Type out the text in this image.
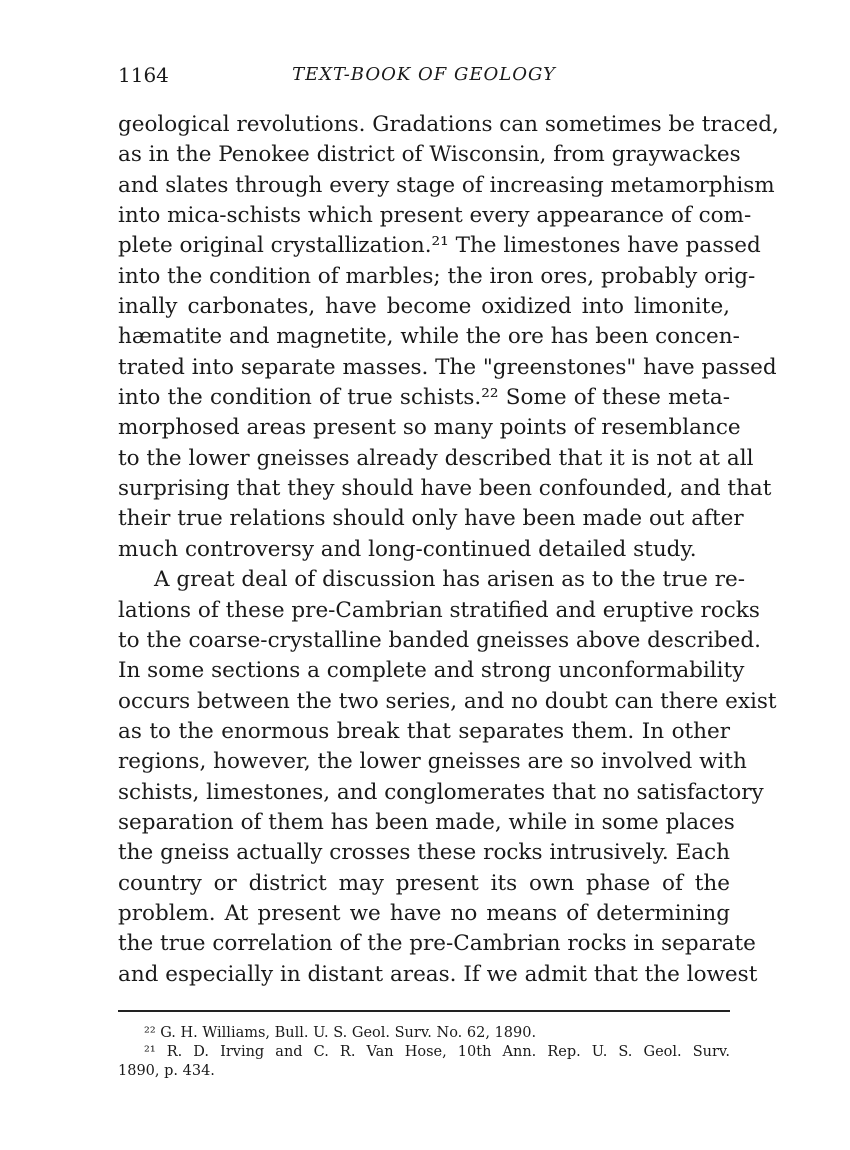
1164	TEXT-BOOK OF GEOLOGY
geological revolutions. Gradations can sometimes be traced,
as in the Penokee district of Wisconsin, from graywackes
and slates through every stage of increasing metamorphism
into mica-schists which present every appearance of com-
plete original crystallization.²¹ The limestones have passed
into the condition of marbles; the iron ores, probably orig-
inally carbonates, have become oxidized into limonite,
hæmatite and magnetite, while the ore has been concen-
trated into separate masses. The "greenstones" have passed
into the condition of true schists.²² Some of these meta-
morphosed areas present so many points of resemblance
to the lower gneisses already described that it is not at all
surprising that they should have been confounded, and that
their true relations should only have been made out after
much controversy and long-continued detailed study.
A great deal of discussion has arisen as to the true re-
lations of these pre-Cambrian stratified and eruptive rocks
to the coarse-crystalline banded gneisses above described.
In some sections a complete and strong unconformability
occurs between the two series, and no doubt can there exist
as to the enormous break that separates them. In other
regions, however, the lower gneisses are so involved with
schists, limestones, and conglomerates that no satisfactory
separation of them has been made, while in some places
the gneiss actually crosses these rocks intrusively. Each
country or district may present its own phase of the
problem. At present we have no means of determining
the true correlation of the pre-Cambrian rocks in separate
and especially in distant areas. If we admit that the lowest
²² G. H. Williams, Bull. U. S. Geol. Surv. No. 62, 1890.
²¹ R. D. Irving and C. R. Van Hose, 10th Ann. Rep. U. S. Geol. Surv.
1890, p. 434.
